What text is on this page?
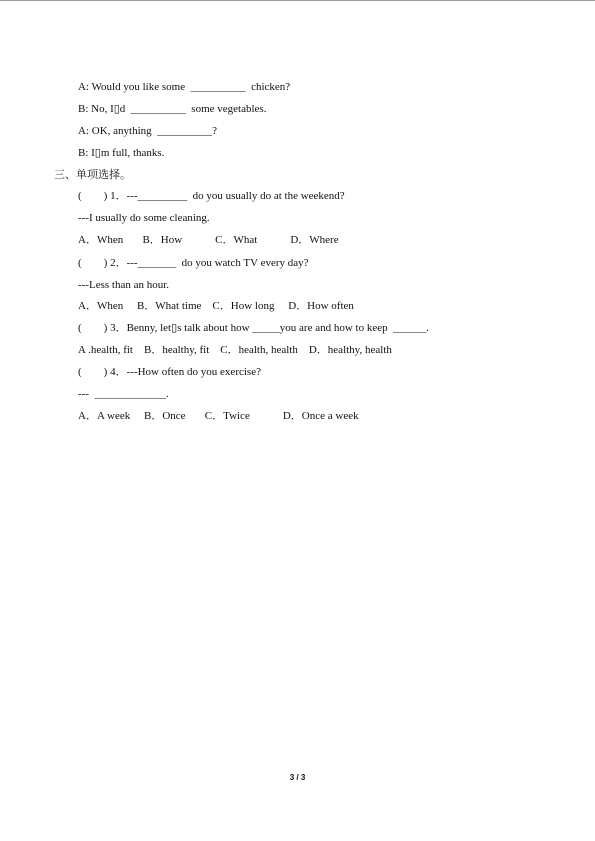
A: Would you like some  __________  chicken?
B: No, I▯d  __________  some vegetables.
A: OK, anything  __________?
B: I▯m full, thanks.
三、单项选择。
(        ) 1．---_________  do you usually do at the weekend?
---I usually do some cleaning.
A．When       B．How            C．What            D．Where
(        ) 2．---_______  do you watch TV every day?
---Less than an hour.
A．When     B．What time    C．How long     D．How often
(        ) 3．Benny, let▯s talk about how _____you are and how to keep  ______.
A .health, fit    B．healthy, fit    C．health, health    D．healthy, health
(        ) 4．---How often do you exercise?
---  _____________.
A．A week     B．Once       C．Twice            D．Once a week
3 / 3
